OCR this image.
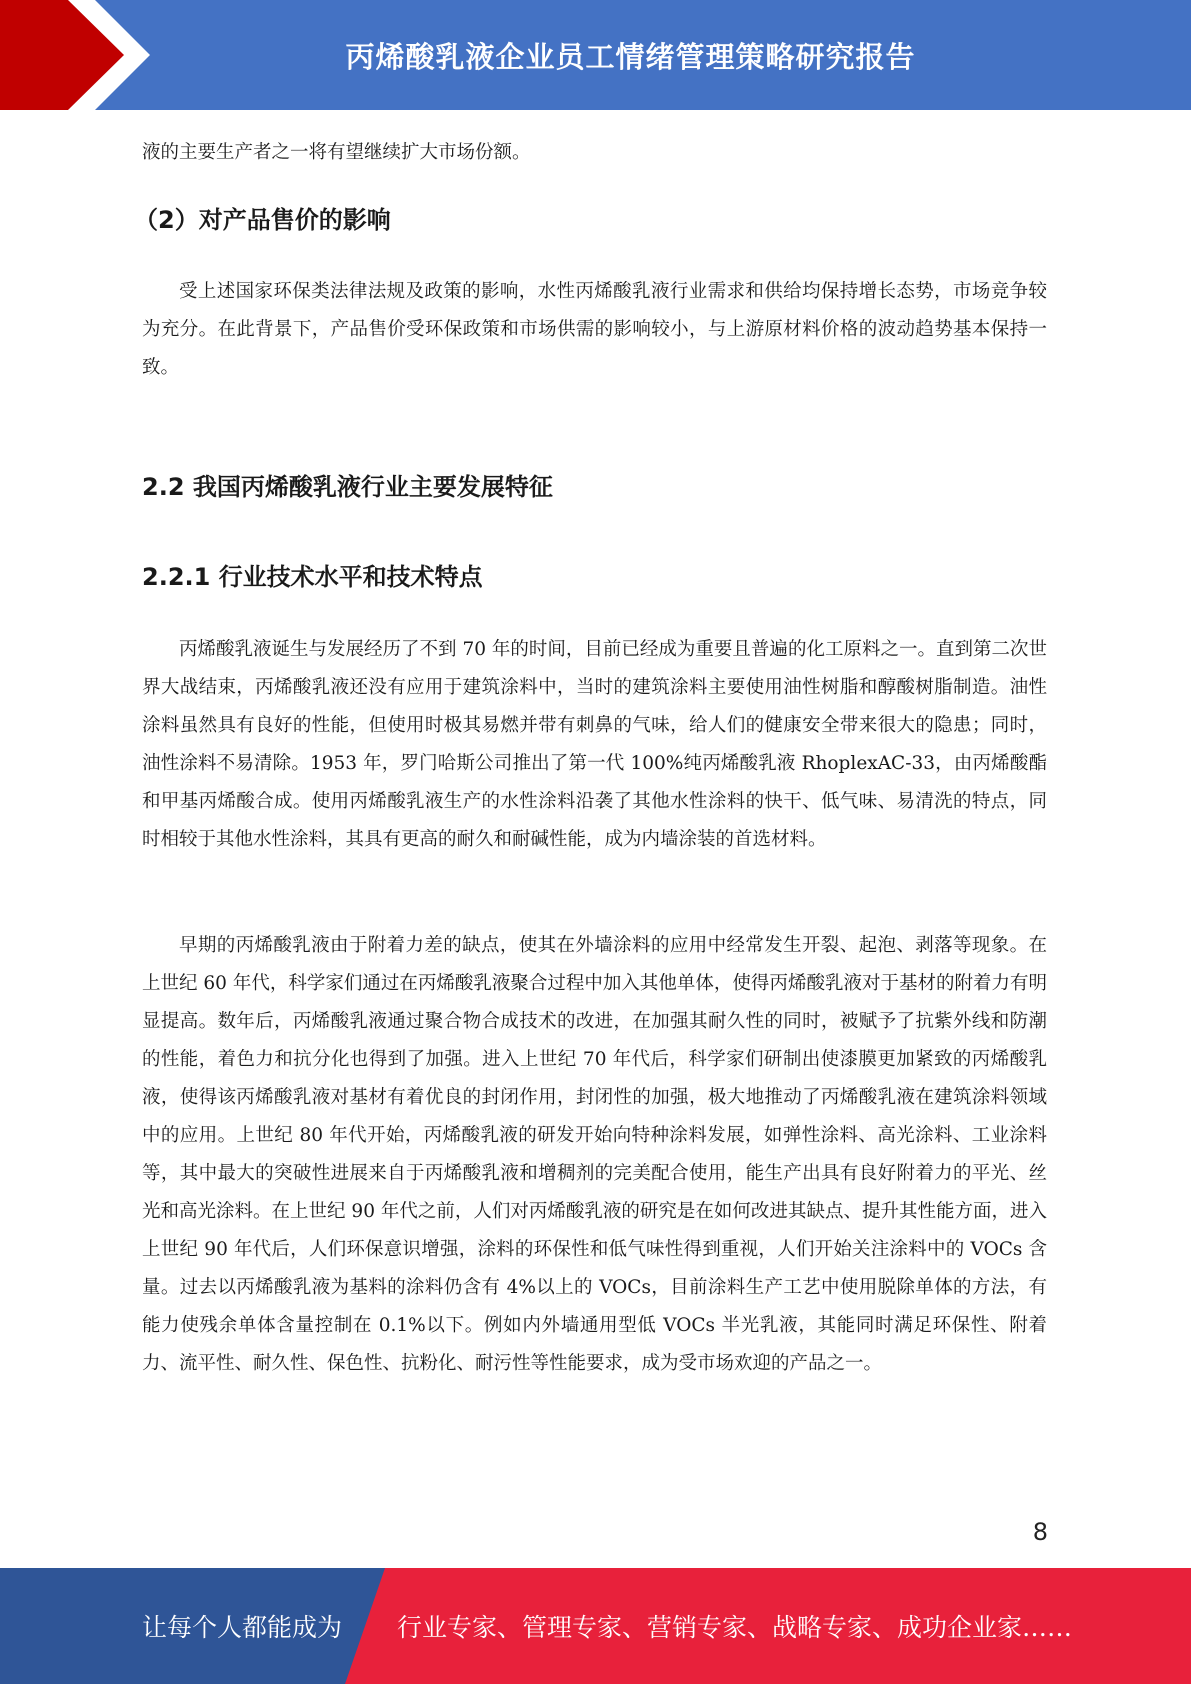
丙烯酸乳液企业员工情绪管理策略研究报告
液的主要生产者之一将有望继续扩大市场份额。
（2）对产品售价的影响
受上述国家环保类法律法规及政策的影响，水性丙烯酸乳液行业需求和供给均保持增长态势，市场竞争较为充分。在此背景下，产品售价受环保政策和市场供需的影响较小，与上游原材料价格的波动趋势基本保持一致。
2.2 我国丙烯酸乳液行业主要发展特征
2.2.1 行业技术水平和技术特点
丙烯酸乳液诞生与发展经历了不到 70 年的时间，目前已经成为重要且普遍的化工原料之一。直到第二次世界大战结束，丙烯酸乳液还没有应用于建筑涂料中，当时的建筑涂料主要使用油性树脂和醇酸树脂制造。油性涂料虽然具有良好的性能，但使用时极其易燃并带有刺鼻的气味，给人们的健康安全带来很大的隐患；同时，油性涂料不易清除。1953 年，罗门哈斯公司推出了第一代 100%纯丙烯酸乳液 RhoplexAC-33，由丙烯酸酯和甲基丙烯酸合成。使用丙烯酸乳液生产的水性涂料沿袭了其他水性涂料的快干、低气味、易清洗的特点，同时相较于其他水性涂料，其具有更高的耐久和耐碱性能，成为内墙涂装的首选材料。
早期的丙烯酸乳液由于附着力差的缺点，使其在外墙涂料的应用中经常发生开裂、起泡、剥落等现象。在上世纪 60 年代，科学家们通过在丙烯酸乳液聚合过程中加入其他单体，使得丙烯酸乳液对于基材的附着力有明显提高。数年后，丙烯酸乳液通过聚合物合成技术的改进，在加强其耐久性的同时，被赋予了抗紫外线和防潮的性能，着色力和抗分化也得到了加强。进入上世纪 70 年代后，科学家们研制出使漆膜更加紧致的丙烯酸乳液，使得该丙烯酸乳液对基材有着优良的封闭作用，封闭性的加强，极大地推动了丙烯酸乳液在建筑涂料领域中的应用。上世纪 80 年代开始，丙烯酸乳液的研发开始向特种涂料发展，如弹性涂料、高光涂料、工业涂料等，其中最大的突破性进展来自于丙烯酸乳液和增稠剂的完美配合使用，能生产出具有良好附着力的平光、丝光和高光涂料。在上世纪 90 年代之前，人们对丙烯酸乳液的研究是在如何改进其缺点、提升其性能方面，进入上世纪 90 年代后，人们环保意识增强，涂料的环保性和低气味性得到重视，人们开始关注涂料中的 VOCs 含量。过去以丙烯酸乳液为基料的涂料仍含有 4%以上的 VOCs，目前涂料生产工艺中使用脱除单体的方法，有能力使残余单体含量控制在 0.1%以下。例如内外墙通用型低 VOCs 半光乳液，其能同时满足环保性、附着力、流平性、耐久性、保色性、抗粉化、耐污性等性能要求，成为受市场欢迎的产品之一。
8
让每个人都能成为 行业专家、管理专家、营销专家、战略专家、成功企业家……
